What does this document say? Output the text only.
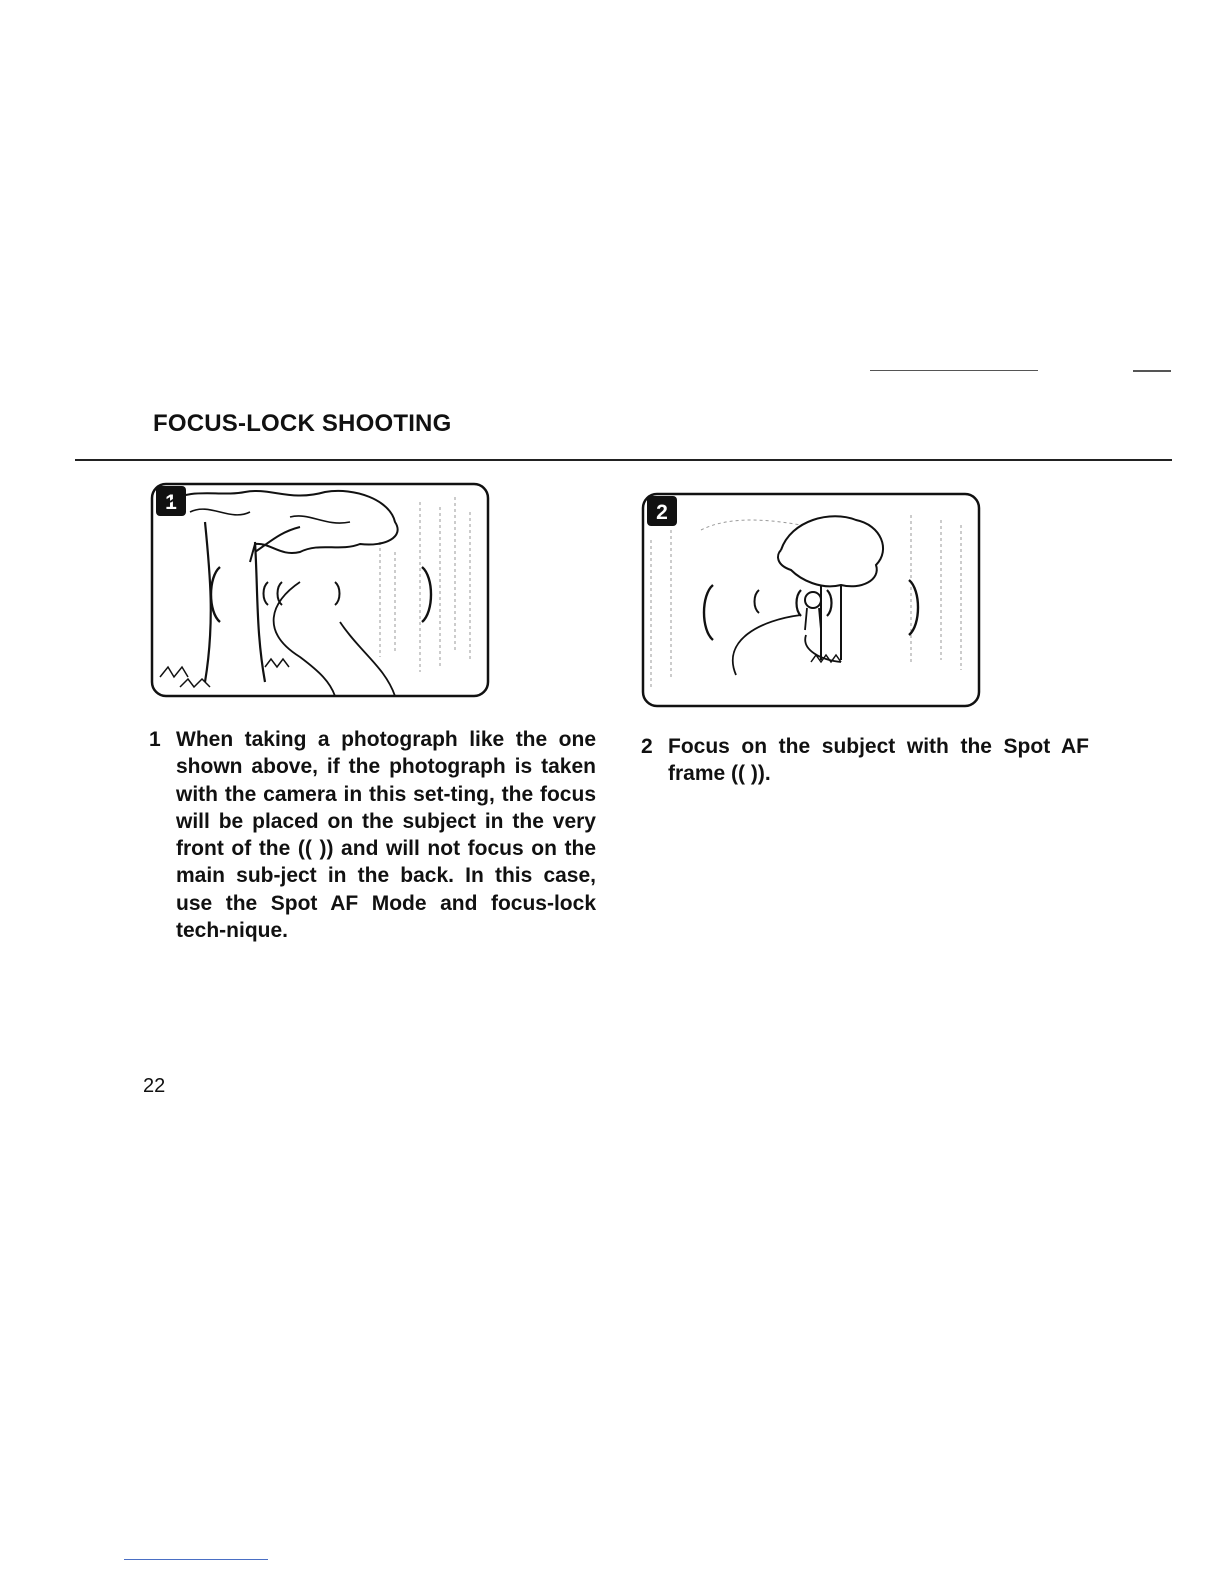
FOCUS-LOCK SHOOTING
1	2
1 When taking a photograph like the one shown above, if the photograph is taken with the camera in this set-ting, the focus will be placed on the subject in the very front of the (( )) and will not focus on the main sub-ject in the back. In this case, use the Spot AF Mode and focus-lock tech-nique.
2 Focus on the subject with the Spot AF frame (( )).
22
